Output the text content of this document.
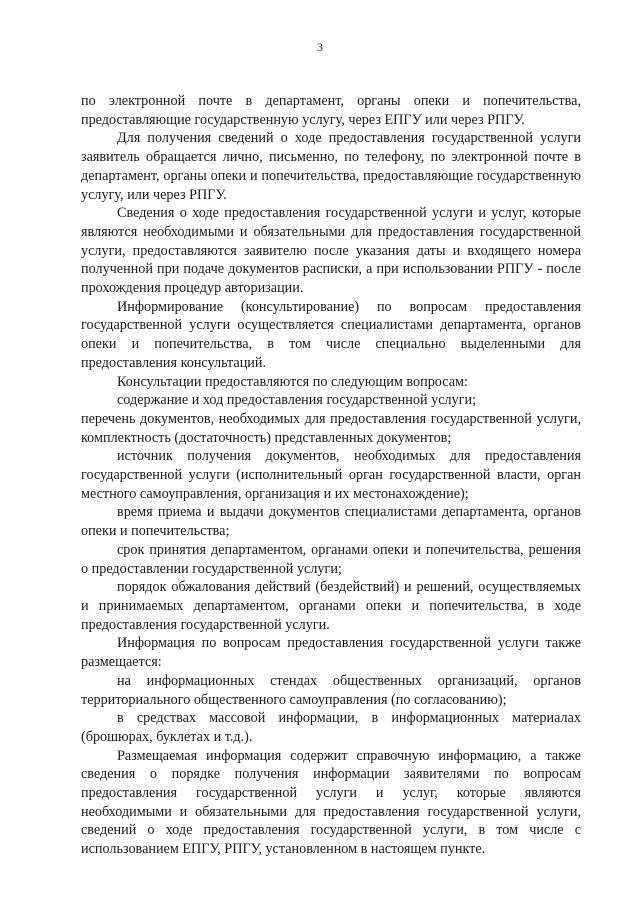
3

по электронной почте в департамент, органы опеки и попечительства, предоставляющие государственную услугу, через ЕПГУ или через РПГУ.

Для получения сведений о ходе предоставления государственной услуги заявитель обращается лично, письменно, по телефону, по электронной почте в департамент, органы опеки и попечительства, предоставляющие государственную услугу, или через РПГУ.

Сведения о ходе предоставления государственной услуги и услуг, которые являются необходимыми и обязательными для предоставления государственной услуги, предоставляются заявителю после указания даты и входящего номера полученной при подаче документов расписки, а при использовании РПГУ - после прохождения процедур авторизации.

Информирование (консультирование) по вопросам предоставления государственной услуги осуществляется специалистами департамента, органов опеки и попечительства, в том числе специально выделенными для предоставления консультаций.

Консультации предоставляются по следующим вопросам:

содержание и ход предоставления государственной услуги;

перечень документов, необходимых для предоставления государственной услуги, комплектность (достаточность) представленных документов;

источник получения документов, необходимых для предоставления государственной услуги (исполнительный орган государственной власти, орган местного самоуправления, организация и их местонахождение);

время приема и выдачи документов специалистами департамента, органов опеки и попечительства;

срок принятия департаментом, органами опеки и попечительства, решения о предоставлении государственной услуги;

порядок обжалования действий (бездействий) и решений, осуществляемых и принимаемых департаментом, органами опеки и попечительства, в ходе предоставления государственной услуги.

Информация по вопросам предоставления государственной услуги также размещается:

на информационных стендах общественных организаций, органов территориального общественного самоуправления (по согласованию);

в средствах массовой информации, в информационных материалах (брошюрах, буклетах и т.д.).

Размещаемая информация содержит справочную информацию, а также сведения о порядке получения информации заявителями по вопросам предоставления государственной услуги и услуг, которые являются необходимыми и обязательными для предоставления государственной услуги, сведений о ходе предоставления государственной услуги, в том числе с использованием ЕПГУ, РПГУ, установленном в настоящем пункте.
